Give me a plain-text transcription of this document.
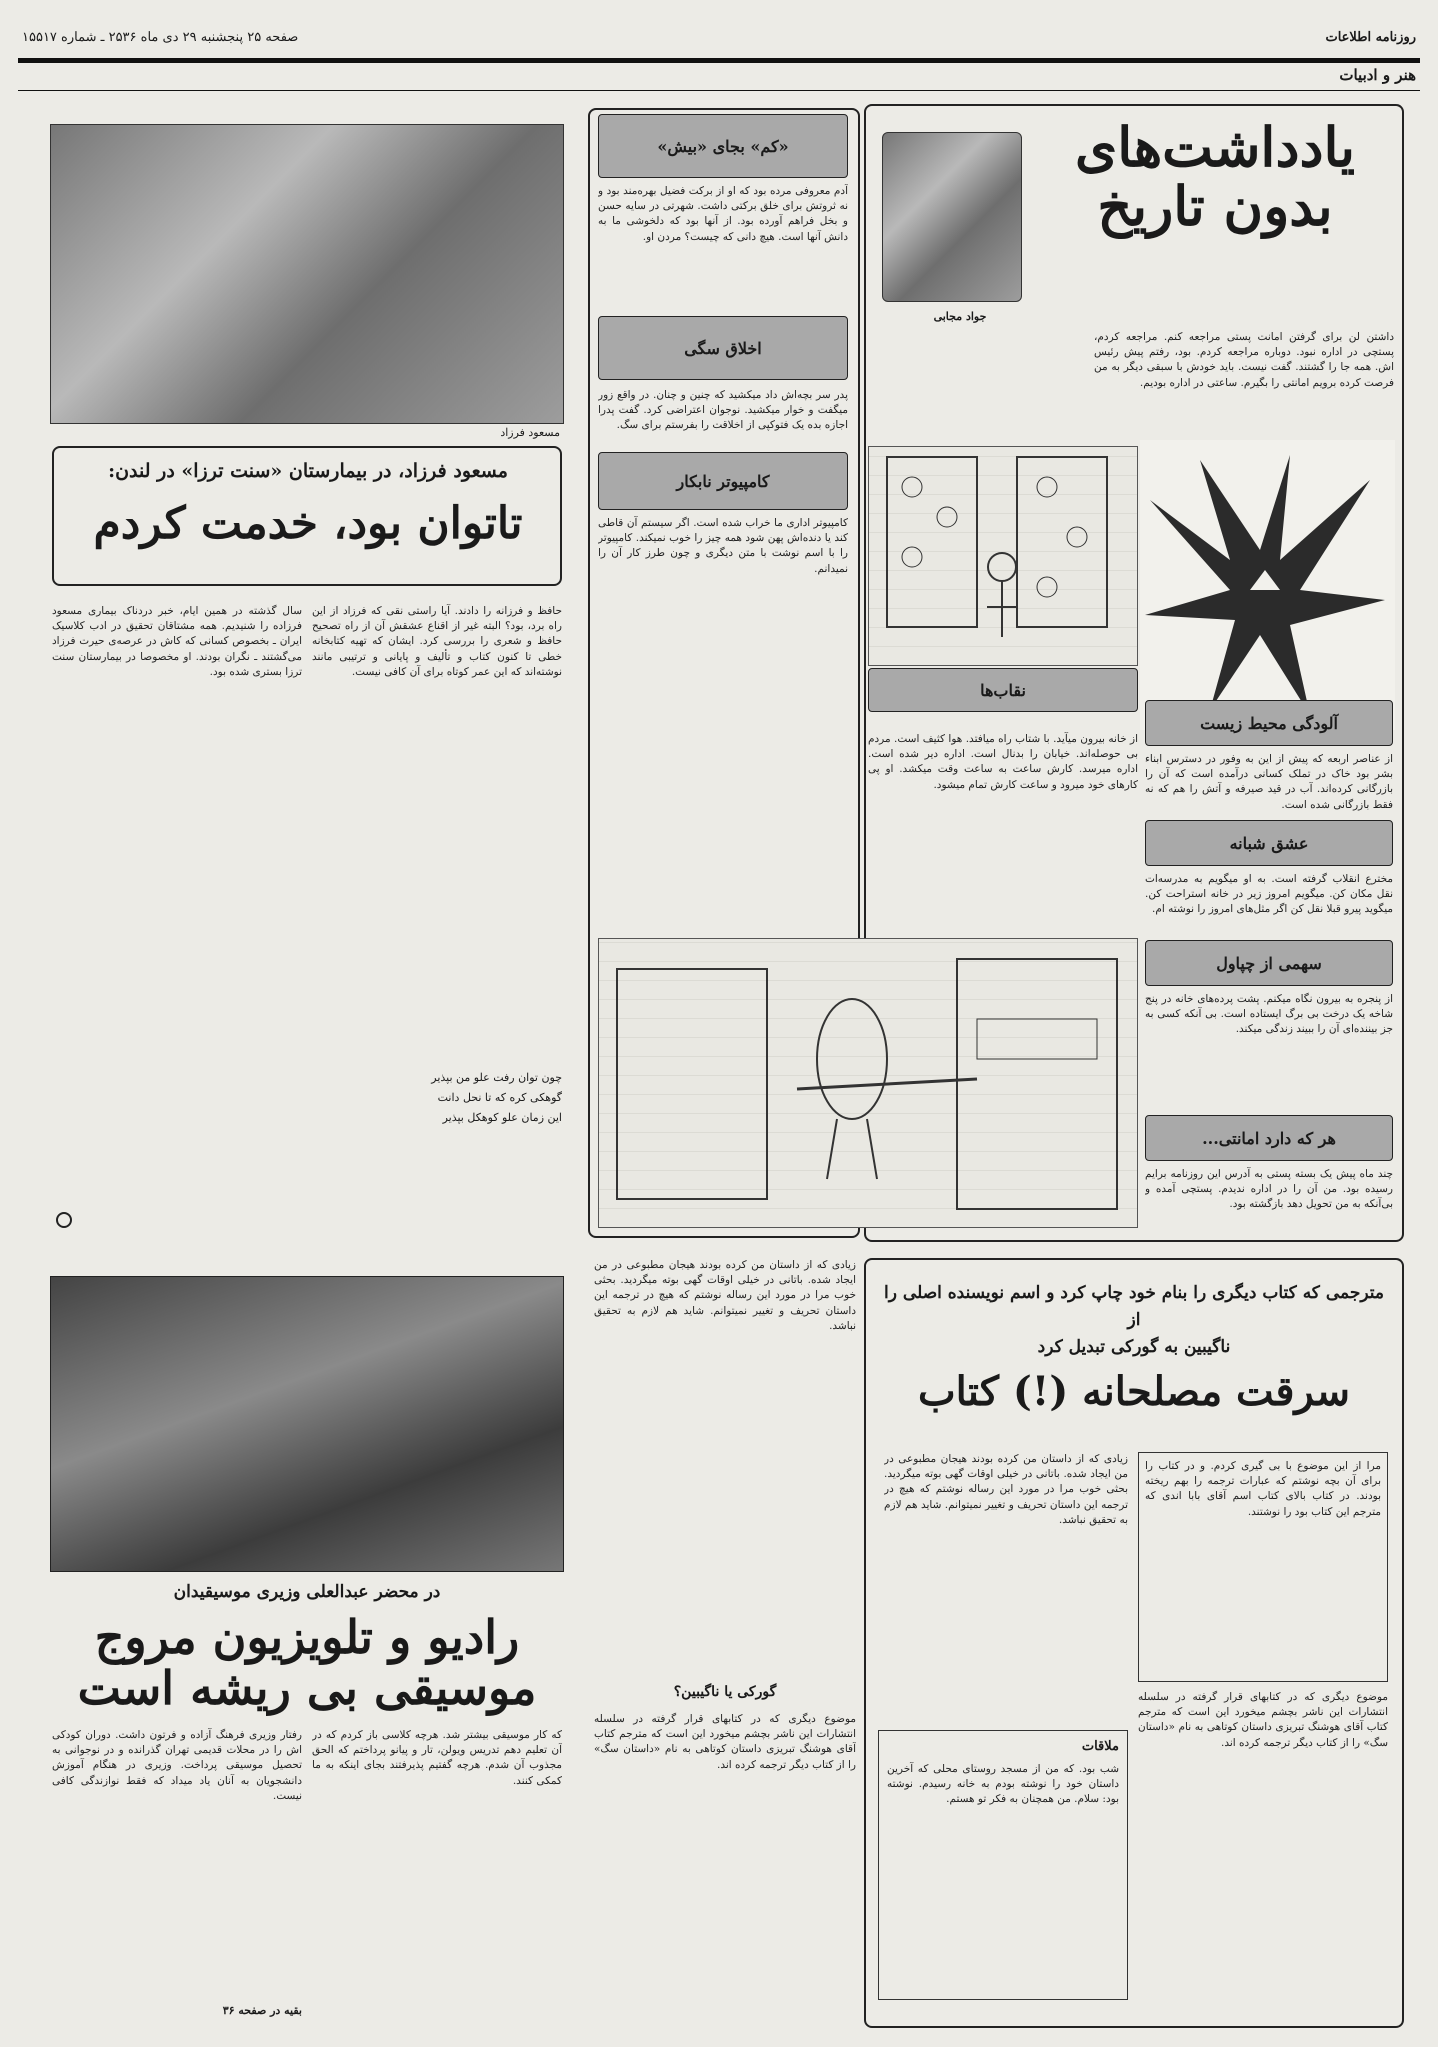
روزنامه اطلاعات
صفحه ۲۵ پنجشنبه ۲۹ دی ماه ۲۵۳۶ ـ شماره ۱۵۵۱۷
هنر و ادبیات
یادداشت‌های
بدون تاریخ
جواد مجابی
داشتن لن برای گرفتن امانت پستی مراجعه کنم. مراجعه کردم، پستچی در اداره نبود. دوباره مراجعه کردم. بود، رفتم پیش رئیس اش. همه جا را گشتند. گفت نیست. باید خودش با سبقی دیگر به من فرصت کرده برویم امانتی را بگیرم. ساعتی در اداره بودیم.
آلودگی محیط زیست
از عناصر اربعه که پیش از این به وفور در دسترس ابناء بشر بود خاک در تملک کسانی درآمده است که آن را بازرگانی کرده‌اند. آب در قید صیرفه و آتش را هم که نه فقط بازرگانی شده است.
عشق شبانه
مخترع انقلاب گرفته است. به او میگویم به مدرسه‌ات نقل مکان کن. میگویم امروز زیر در خانه استراحت کن. میگوید پیرو قبلا نقل کن اگر مثل‌های امروز را نوشته ام.
سهمی از چپاول
از پنجره به بیرون نگاه میکنم. پشت پرده‌های خانه در پنج شاخه یک درخت بی برگ ایستاده است. بی آنکه کسی به جز بیننده‌ای آن را ببیند زندگی میکند.
هر که دارد امانتی...
چند ماه پیش یک بسته پستی به آدرس این روزنامه برایم رسیده بود. من آن را در اداره ندیدم. پستچی آمده و بی‌آنکه به من تحویل دهد بازگشته بود.
«کم» بجای «بیش»
آدم معروفی مرده بود که او از برکت فضیل بهره‌مند بود و نه ثروتش برای خلق برکتی داشت. شهرتی در سایه حسن و بخل فراهم آورده بود. از آنها بود که دلخوشی ما به دانش آنها است. هیچ دانی که چیست؟ مردن او.
اخلاق سگی
پدر سر بچه‌اش داد میکشید که چنین و چنان. در واقع زور میگفت و خوار میکشید. نوجوان اعتراضی کرد. گفت پدرا اجازه بده یک فتوکپی از اخلاقت را بفرستم برای سگ.
کامپیوتر نابکار
کامپیوتر اداری ما خراب شده است. اگر سیستم آن قاطی کند یا دنده‌اش پهن شود همه چیز را خوب نمیکند. کامپیوتر را با اسم نوشت با متن دیگری و چون طرز کار آن را نمیدانم.
نقاب‌ها
از خانه بیرون میآید. با شتاب راه میافتد. هوا کثیف است. مردم بی حوصله‌اند. خیابان را بدنال است. اداره دیر شده است. اداره میرسد. کارش ساعت به ساعت وقت میکشد. او پی کارهای خود میرود و ساعت کارش تمام میشود.
مسعود فرزاد
مسعود فرزاد، در بیمارستان «سنت ترزا» در لندن:
تاتوان بود، خدمت کردم
حافظ و فرزانه را دادند. آیا راستی نقی که فرزاد از این راه برد، بود؟ البته غیر از اقناع عشقش آن از راه تصحیح حافظ و شعری را بررسی کرد. ایشان که تهیه کتابخانه خطی تا کنون کتاب و تألیف و پایانی و ترتیبی مانند نوشته‌اند که این عمر کوتاه برای آن کافی نیست.
سال گذشته در همین ایام، خبر دردناک بیماری مسعود فرزاده را شنیدیم. همه مشتاقان تحقیق در ادب کلاسیک ایران ـ بخصوص کسانی که کاش در عرصه‌ی حیرت فرزاد می‌گشتند ـ نگران بودند. او مخصوصا در بیمارستان سنت ترزا بستری شده بود.
چون توان رفت علو من بپذیر
گوهکی کره که تا نحل دانت
این زمان علو کوهکل بپذیر
مترجمی که کتاب دیگری را بنام خود چاپ کرد و اسم نویسنده اصلی را از
ناگیبین به گورکی تبدیل کرد
سرقت مصلحانه (!) کتاب
مرا از این موضوع با بی گیری کردم. و در کتاب را برای آن بچه نوشتم که عبارات ترجمه را بهم ریخته بودند. در کتاب بالای کتاب اسم آقای بابا اندی که مترجم این کتاب بود را نوشتند.
زیادی که از داستان من کرده بودند هیجان مطبوعی در من ایجاد شده. باتانی در خیلی اوقات گهی بوته میگردید. بحثی خوب مرا در مورد این رساله نوشتم که هیچ در ترجمه این داستان تحریف و تغییر نمیتوانم. شاید هم لازم به تحقیق نباشد.
موضوع دیگری که در کتابهای قرار گرفته در سلسله انتشارات این ناشر بچشم میخورد این است که مترجم کتاب آقای هوشنگ تبریزی داستان کوتاهی به نام «داستان سگ» را از کتاب دیگر ترجمه کرده اند.
زیادی که از داستان من کرده بودند هیجان مطبوعی در من ایجاد شده. باتانی در خیلی اوقات گهی بوته میگردید. بحثی خوب مرا در مورد این رساله نوشتم که هیچ در ترجمه این داستان تحریف و تغییر نمیتوانم. شاید هم لازم به تحقیق نباشد.
گورکی یا ناگیبین؟
موضوع دیگری که در کتابهای قرار گرفته در سلسله انتشارات این ناشر بچشم میخورد این است که مترجم کتاب آقای هوشنگ تبریزی داستان کوتاهی به نام «داستان سگ» را از کتاب دیگر ترجمه کرده اند.
ملاقات
شب بود. که من از مسجد روستای محلی که آخرین داستان خود را نوشته بودم به خانه رسیدم. نوشته بود: سلام. من همچنان به فکر تو هستم.
در محضر عبدالعلی وزیری موسیقیدان
رادیو و تلویزیون مروج
موسیقی بی ریشه است
که کار موسیقی بیشتر شد. هرچه کلاسی باز کردم که در آن تعلیم دهم تدریس ویولن، تار و پیانو پرداختم که الحق مجذوب آن شدم. هرچه گفتیم پذیرفتند بجای اینکه به ما کمکی کنند.
رفتار وزیری فرهنگ آزاده و فرتون داشت. دوران کودکی اش را در محلات قدیمی تهران گذرانده و در نوجوانی به تحصیل موسیقی پرداخت. وزیری در هنگام آموزش دانشجویان به آنان یاد میداد که فقط نوازندگی کافی نیست.
بقیه در صفحه ۳۶
